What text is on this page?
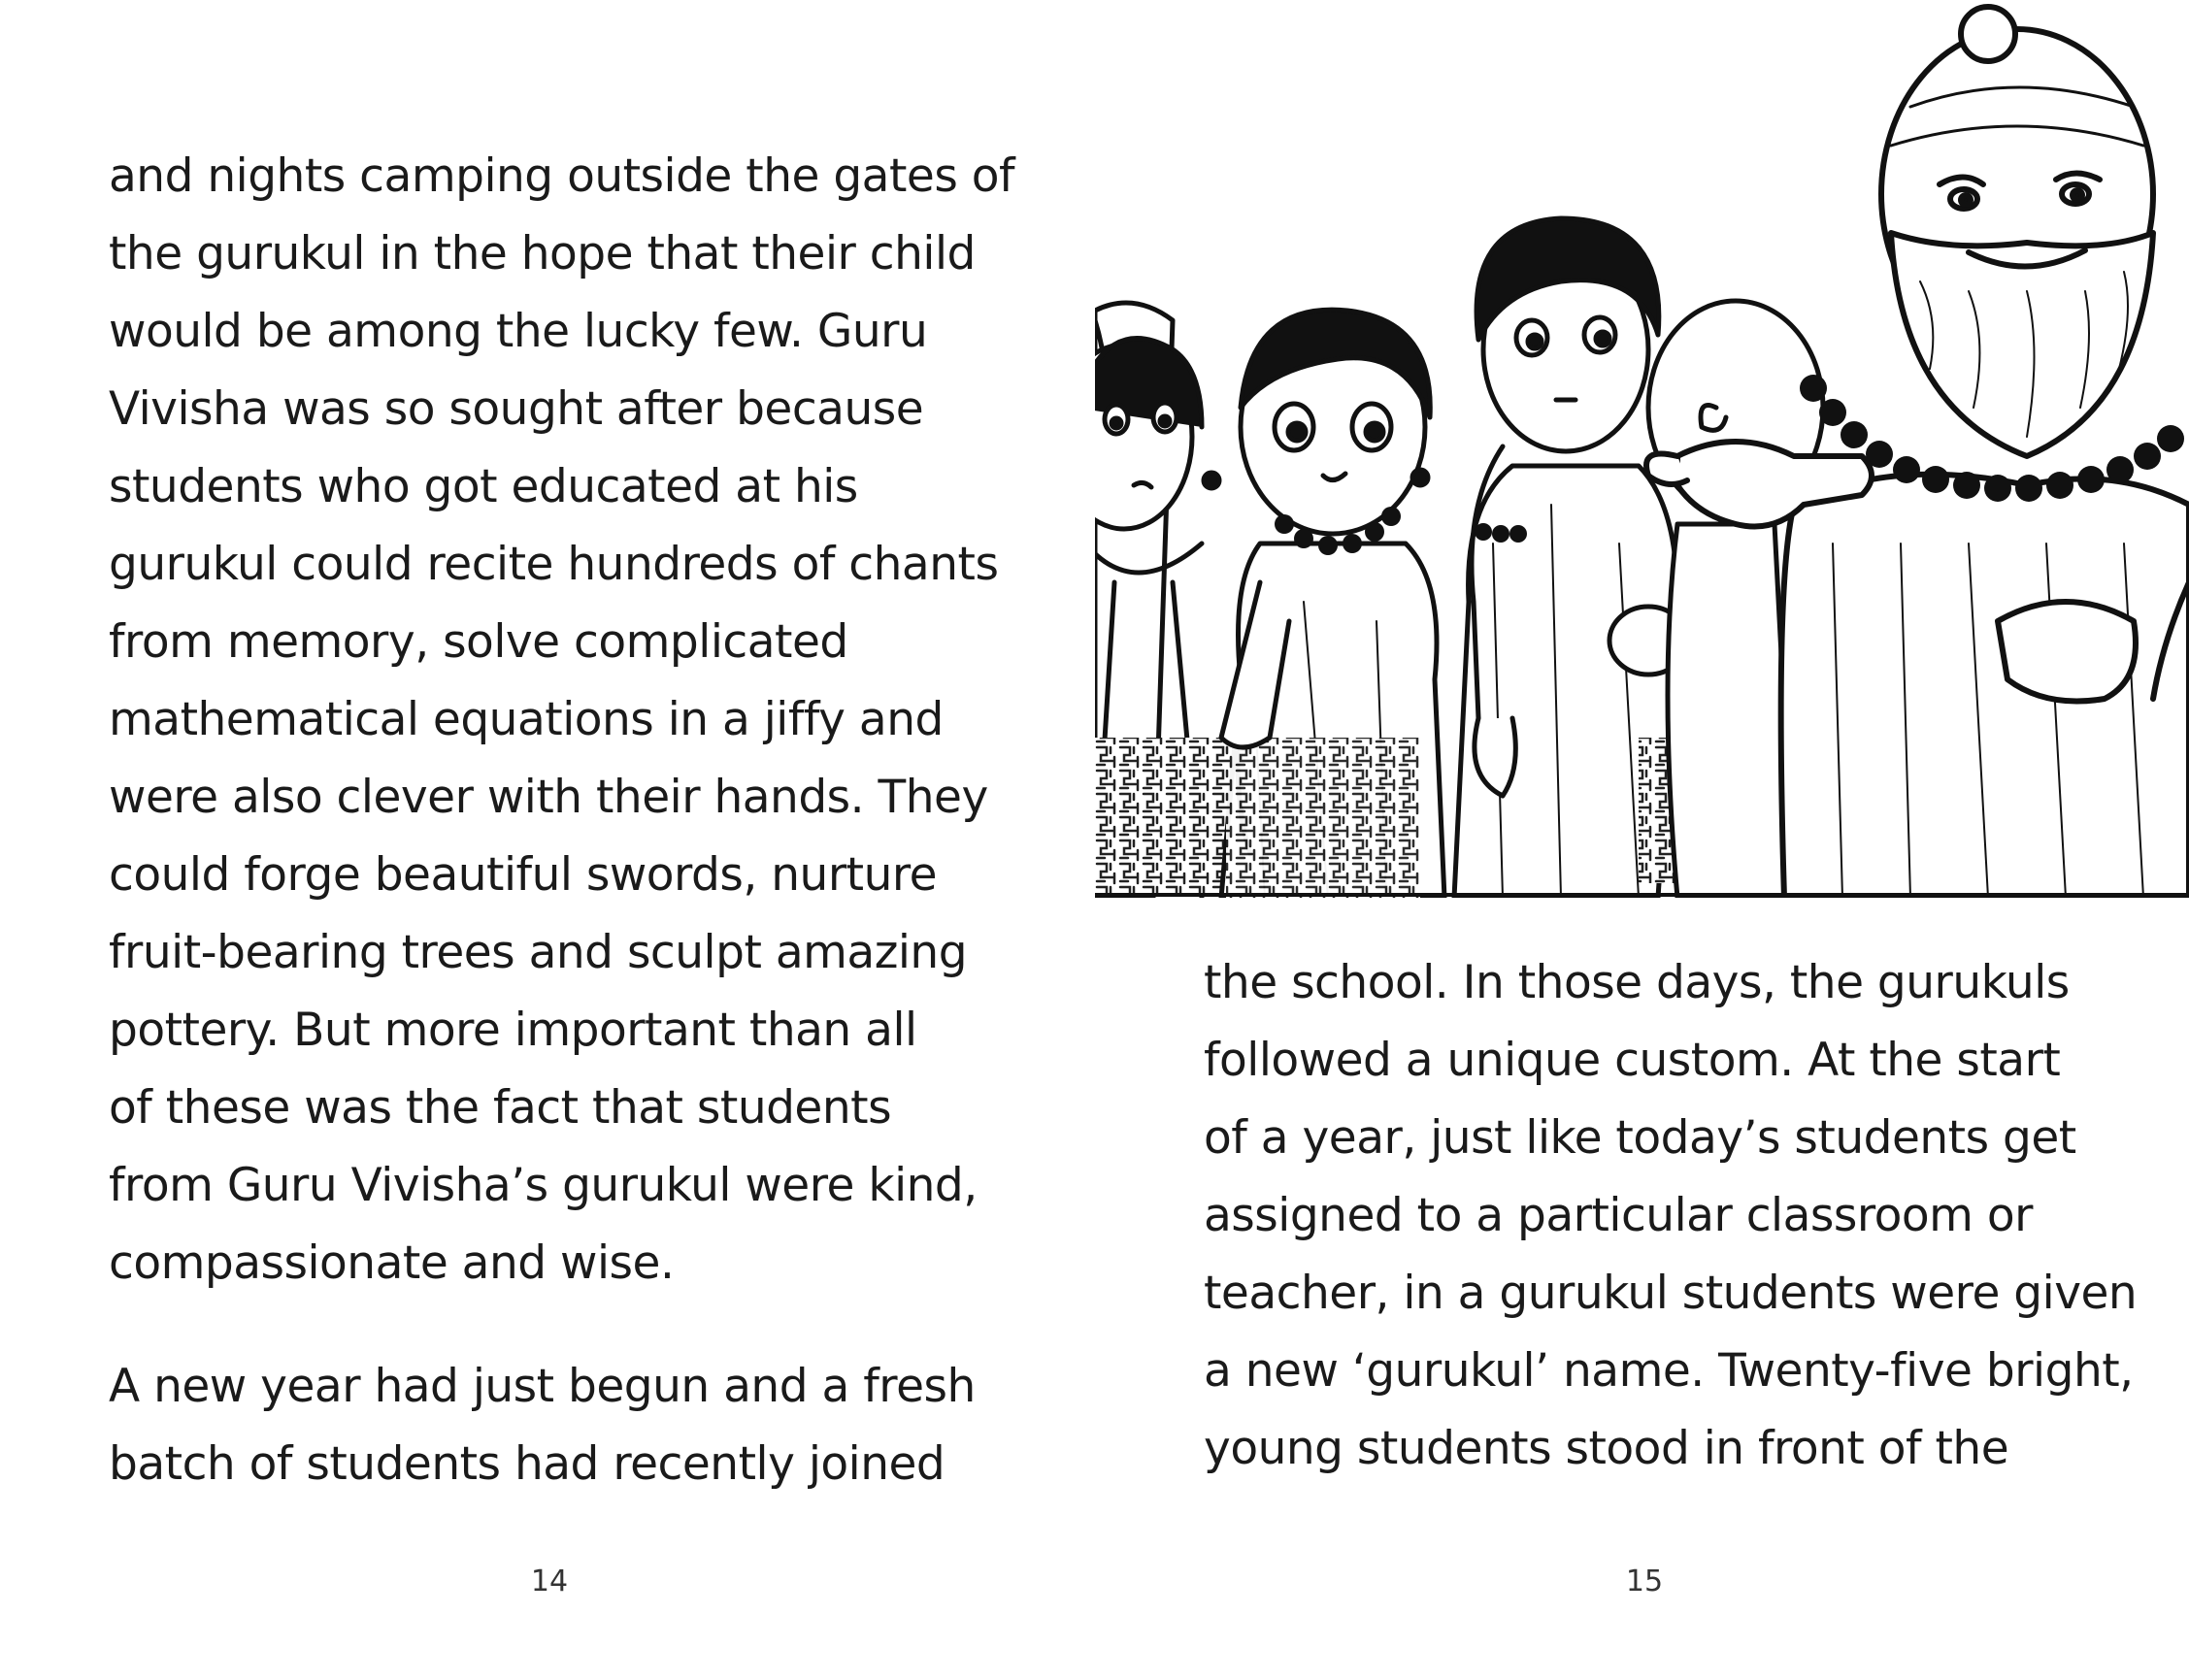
and nights camping outside the gates of
the gurukul in the hope that their child
would be among the lucky few. Guru
Vivisha was so sought after because
students who got educated at his
gurukul could recite hundreds of chants
from memory, solve complicated
mathematical equations in a jiffy and
were also clever with their hands. They
could forge beautiful swords, nurture
fruit-bearing trees and sculpt amazing
pottery. But more important than all
of these was the fact that students
from Guru Vivisha’s gurukul were kind,
compassionate and wise.
A new year had just begun and a fresh
batch of students had recently joined
14
the school. In those days, the gurukuls
followed a unique custom. At the start
of a year, just like today’s students get
assigned to a particular classroom or
teacher, in a gurukul students were given
a new ‘gurukul’ name. Twenty-five bright,
young students stood in front of the
15
